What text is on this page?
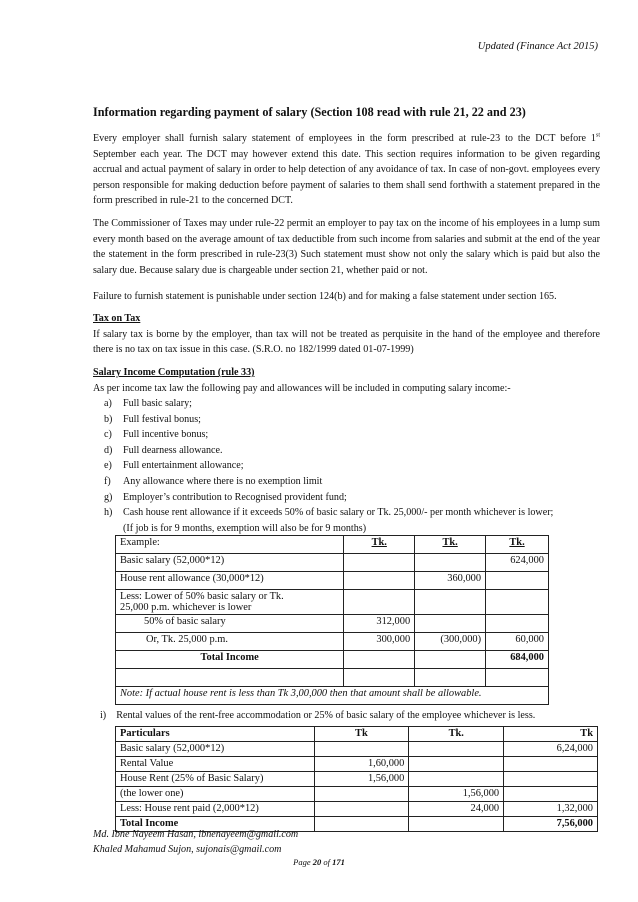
Updated (Finance Act 2015)
Information regarding payment of salary (Section 108 read with rule 21, 22 and 23)
Every employer shall furnish salary statement of employees in the form prescribed at rule-23 to the DCT before 1st September each year. The DCT may however extend this date. This section requires information to be given regarding accrual and actual payment of salary in order to help detection of any avoidance of tax. In case of non-govt. employees every person responsible for making deduction before payment of salaries to them shall send forthwith a statement prepared in the form prescribed in rule-21 to the concerned DCT.
The Commissioner of Taxes may under rule-22 permit an employer to pay tax on the income of his employees in a lump sum every month based on the average amount of tax deductible from such income from salaries and submit at the end of the year the statement in the form prescribed in rule-23(3) Such statement must show not only the salary which is paid but also the salary due. Because salary due is chargeable under section 21, whether paid or not.
Failure to furnish statement is punishable under section 124(b) and for making a false statement under section 165.
Tax on Tax
If salary tax is borne by the employer, than tax will not be treated as perquisite in the hand of the employee and therefore there is no tax on tax issue in this case. (S.R.O. no 182/1999 dated 01-07-1999)
Salary Income Computation (rule 33)
As per income tax law the following pay and allowances will be included in computing salary income:-
a) Full basic salary;
b) Full festival bonus;
c) Full incentive bonus;
d) Full dearness allowance.
e) Full entertainment allowance;
f) Any allowance where there is no exemption limit
g) Employer’s contribution to Recognised provident fund;
h) Cash house rent allowance if it exceeds 50% of basic salary or Tk. 25,000/- per month whichever is lower;
(If job is for 9 months, exemption will also be for 9 months)
Example:	Tk.	Tk.	Tk.
Basic salary (52,000*12)			624,000
House rent allowance (30,000*12)		360,000	
Less: Lower of 50% basic salary or Tk.
25,000 p.m. whichever is lower			
50% of basic salary	312,000		
Or, Tk. 25,000 p.m.	300,000	(300,000)	60,000
Total Income			684,000

Note: If actual house rent is less than Tk 3,00,000 then that amount shall be allowable.			
i) Rental values of the rent-free accommodation or 25% of basic salary of the employee whichever is less.
Particulars	Tk	Tk.	Tk
Basic salary (52,000*12)			6,24,000
Rental Value	1,60,000		
House Rent (25% of Basic Salary)	1,56,000		
(the lower one)		1,56,000	
Less: House rent paid (2,000*12)		24,000	1,32,000
Total Income			7,56,000
Md. Ibne Nayeem Hasan, ibnenayeem@gmail.com
Khaled Mahamud Sujon, sujonais@gmail.com
Page 20 of 171
